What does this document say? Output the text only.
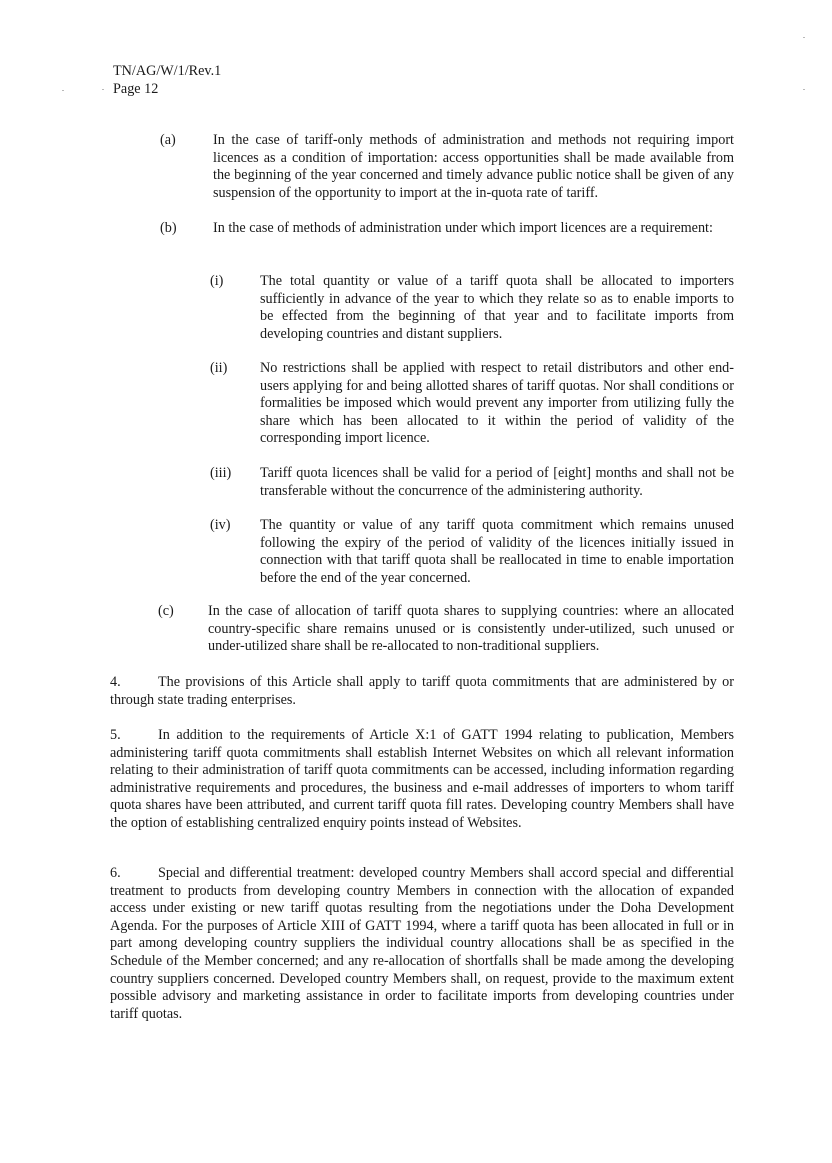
TN/AG/W/1/Rev.1
Page 12
(a)	In the case of tariff-only methods of administration and methods not requiring import licences as a condition of importation: access opportunities shall be made available from the beginning of the year concerned and timely advance public notice shall be given of any suspension of the opportunity to import at the in-quota rate of tariff.
(b)	In the case of methods of administration under which import licences are a requirement:
(i)	The total quantity or value of a tariff quota shall be allocated to importers sufficiently in advance of the year to which they relate so as to enable imports to be effected from the beginning of that year and to facilitate imports from developing countries and distant suppliers.
(ii) No restrictions shall be applied with respect to retail distributors and other end-users applying for and being allotted shares of tariff quotas. Nor shall conditions or formalities be imposed which would prevent any importer from utilizing fully the share which has been allocated to it within the period of validity of the corresponding import licence.
(iii) Tariff quota licences shall be valid for a period of [eight] months and shall not be transferable without the concurrence of the administering authority.
(iv) The quantity or value of any tariff quota commitment which remains unused following the expiry of the period of validity of the licences initially issued in connection with that tariff quota shall be reallocated in time to enable importation before the end of the year concerned.
(c) In the case of allocation of tariff quota shares to supplying countries: where an allocated country-specific share remains unused or is consistently under-utilized, such unused or under-utilized share shall be re-allocated to non-traditional suppliers.
4.	The provisions of this Article shall apply to tariff quota commitments that are administered by or through state trading enterprises.
5.	In addition to the requirements of Article X:1 of GATT 1994 relating to publication, Members administering tariff quota commitments shall establish Internet Websites on which all relevant information relating to their administration of tariff quota commitments can be accessed, including information regarding administrative requirements and procedures, the business and e-mail addresses of importers to whom tariff quota shares have been attributed, and current tariff quota fill rates. Developing country Members shall have the option of establishing centralized enquiry points instead of Websites.
6.	Special and differential treatment: developed country Members shall accord special and differential treatment to products from developing country Members in connection with the allocation of expanded access under existing or new tariff quotas resulting from the negotiations under the Doha Development Agenda. For the purposes of Article XIII of GATT 1994, where a tariff quota has been allocated in full or in part among developing country suppliers the individual country allocations shall be as specified in the Schedule of the Member concerned; and any re-allocation of shortfalls shall be made among the developing country suppliers concerned. Developed country Members shall, on request, provide to the maximum extent possible advisory and marketing assistance in order to facilitate imports from developing countries under tariff quotas.
